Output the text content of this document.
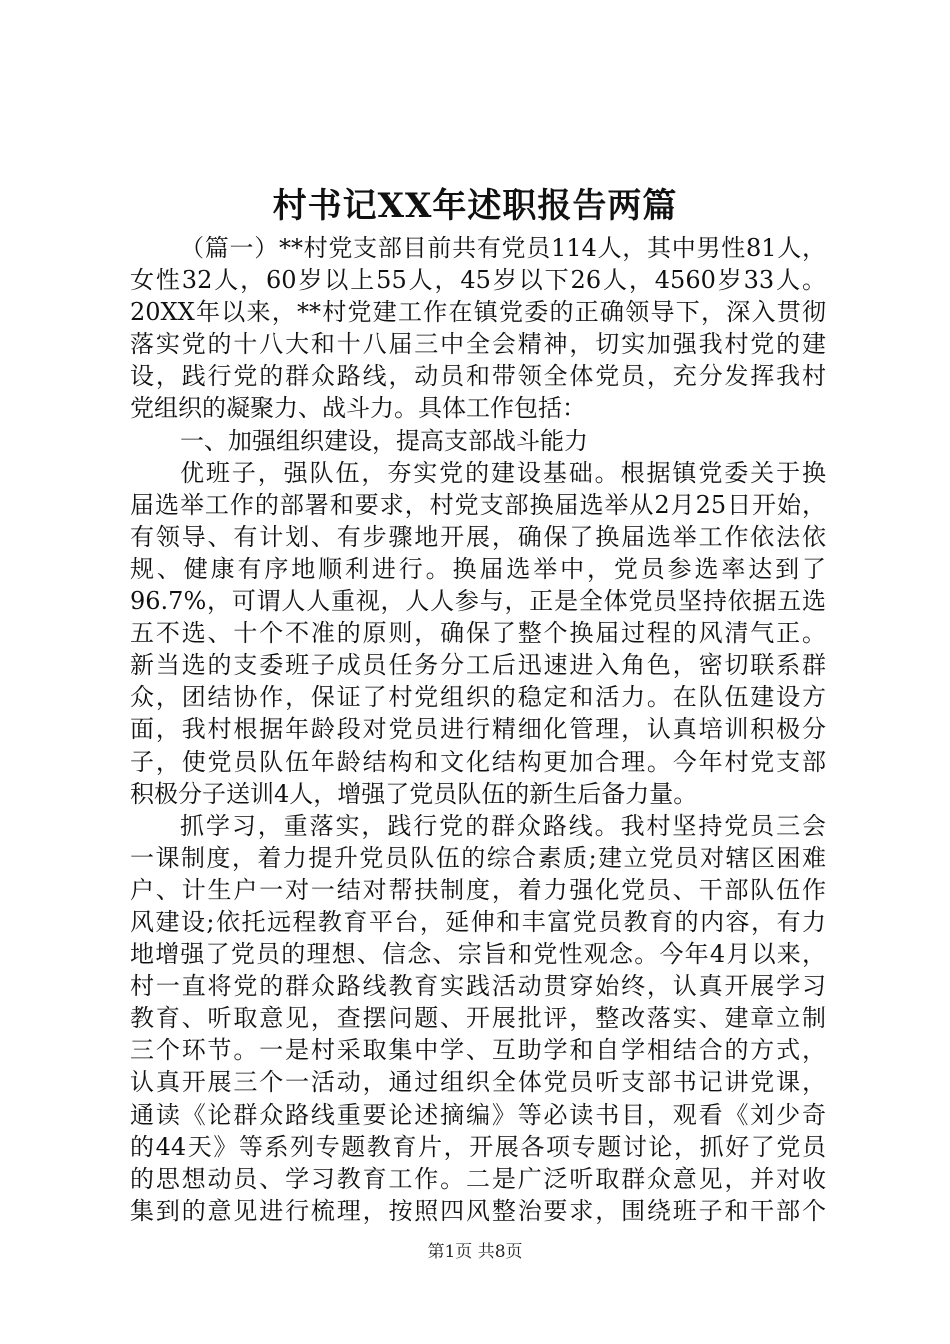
村书记XX年述职报告两篇
（篇一）**村党支部目前共有党员114人，其中男性81人，
女性32人，60岁以上55人，45岁以下26人，4560岁33人。
20XX年以来，**村党建工作在镇党委的正确领导下，深入贯彻
落实党的十八大和十八届三中全会精神，切实加强我村党的建
设，践行党的群众路线，动员和带领全体党员，充分发挥我村
党组织的凝聚力、战斗力。具体工作包括：
一、加强组织建设，提高支部战斗能力
优班子，强队伍，夯实党的建设基础。根据镇党委关于换
届选举工作的部署和要求，村党支部换届选举从2月25日开始，
有领导、有计划、有步骤地开展，确保了换届选举工作依法依
规、健康有序地顺利进行。换届选举中，党员参选率达到了
96.7%，可谓人人重视，人人参与，正是全体党员坚持依据五选
五不选、十个不准的原则，确保了整个换届过程的风清气正。
新当选的支委班子成员任务分工后迅速进入角色，密切联系群
众，团结协作，保证了村党组织的稳定和活力。在队伍建设方
面，我村根据年龄段对党员进行精细化管理，认真培训积极分
子，使党员队伍年龄结构和文化结构更加合理。今年村党支部
积极分子送训4人，增强了党员队伍的新生后备力量。
抓学习，重落实，践行党的群众路线。我村坚持党员三会
一课制度，着力提升党员队伍的综合素质;建立党员对辖区困难
户、计生户一对一结对帮扶制度，着力强化党员、干部队伍作
风建设;依托远程教育平台，延伸和丰富党员教育的内容，有力
地增强了党员的理想、信念、宗旨和党性观念。今年4月以来，
村一直将党的群众路线教育实践活动贯穿始终，认真开展学习
教育、听取意见，查摆问题、开展批评，整改落实、建章立制
三个环节。一是村采取集中学、互助学和自学相结合的方式，
认真开展三个一活动，通过组织全体党员听支部书记讲党课，
通读《论群众路线重要论述摘编》等必读书目，观看《刘少奇
的44天》等系列专题教育片，开展各项专题讨论，抓好了党员
的思想动员、学习教育工作。二是广泛听取群众意见，并对收
集到的意见进行梳理，按照四风整治要求，围绕班子和干部个
第1页 共8页
